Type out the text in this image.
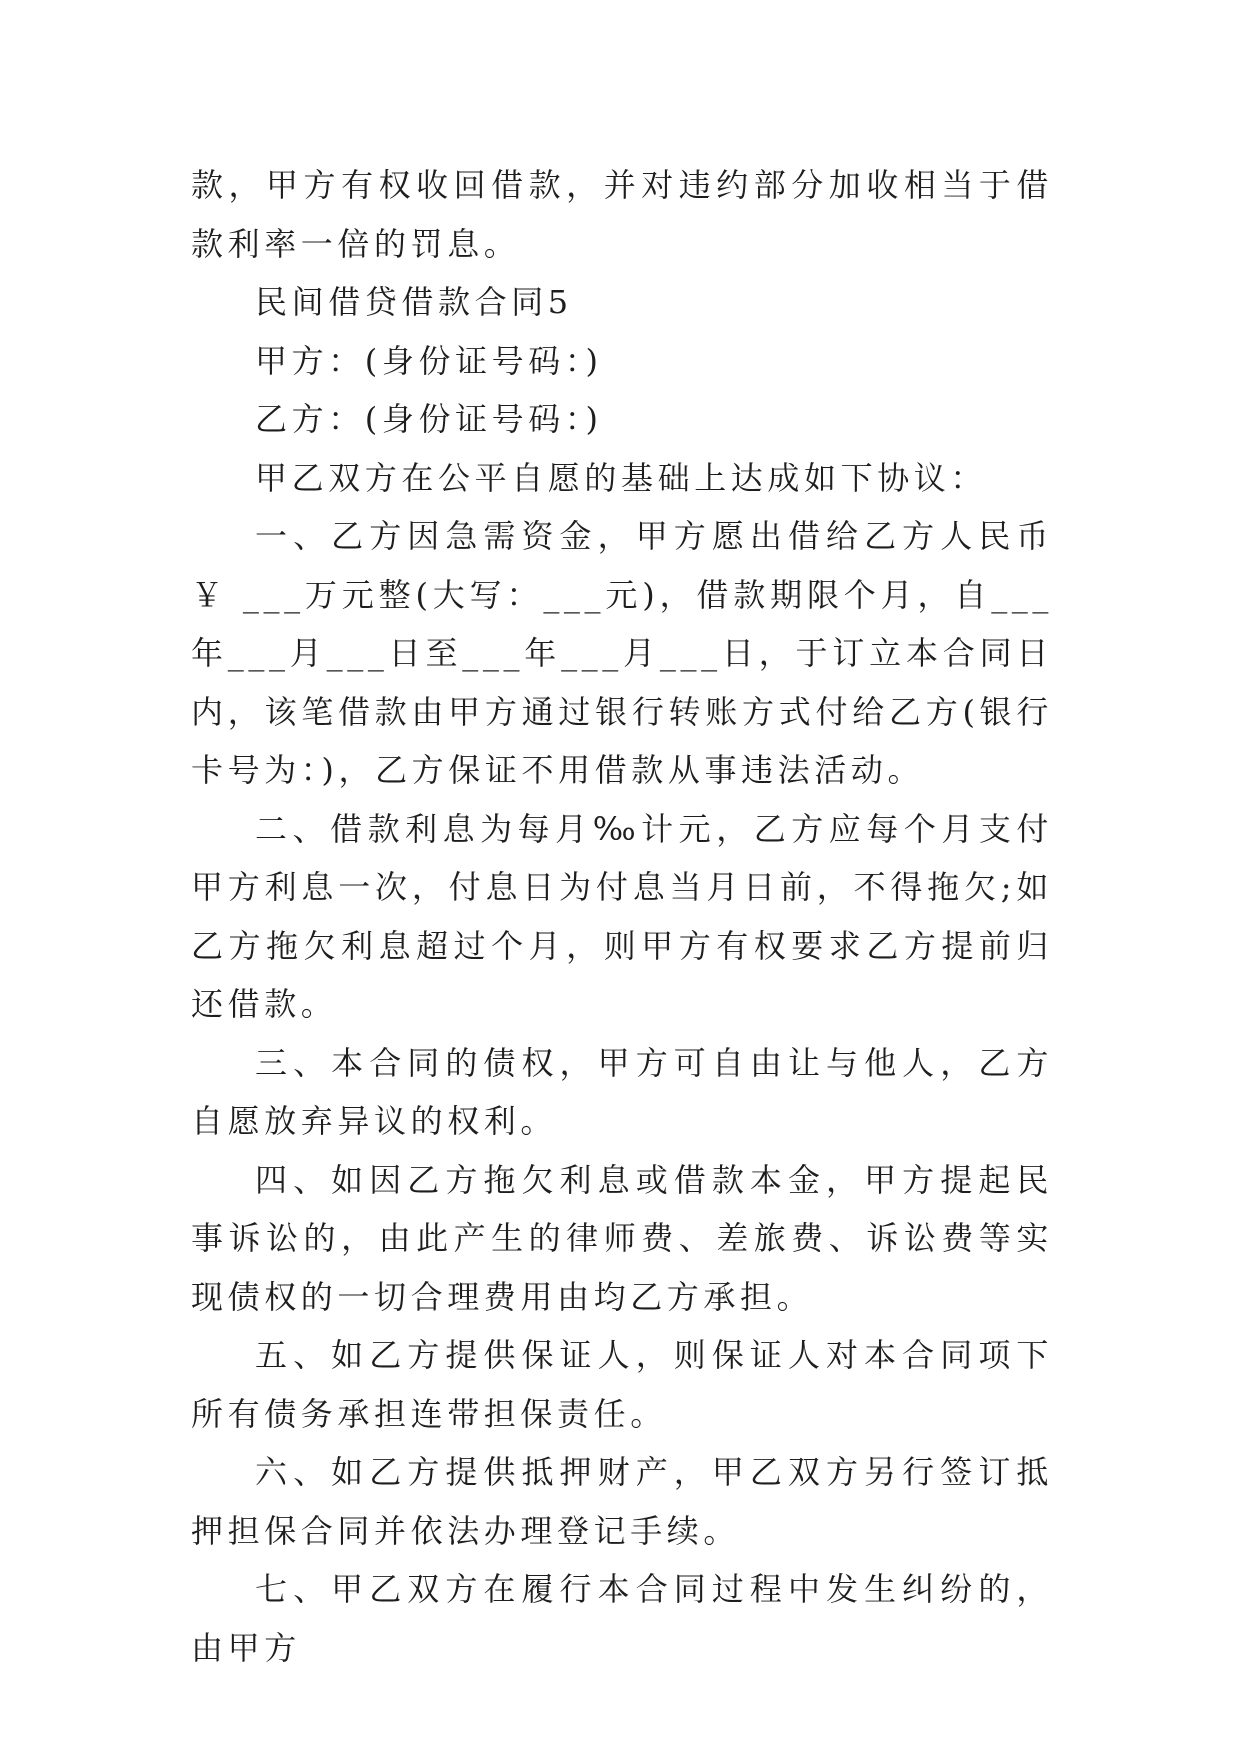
款，甲方有权收回借款，并对违约部分加收相当于借款利率一倍的罚息。

民间借贷借款合同5

甲方：(身份证号码：)

乙方：(身份证号码：)

甲乙双方在公平自愿的基础上达成如下协议：

一、乙方因急需资金，甲方愿出借给乙方人民币￥ ___万元整(大写：___元)，借款期限个月，自___年___月___日至___年___月___日，于订立本合同日内，该笔借款由甲方通过银行转账方式付给乙方(银行卡号为：)，乙方保证不用借款从事违法活动。

二、借款利息为每月‰计元，乙方应每个月支付甲方利息一次，付息日为付息当月日前，不得拖欠;如乙方拖欠利息超过个月，则甲方有权要求乙方提前归还借款。

三、本合同的债权，甲方可自由让与他人，乙方自愿放弃异议的权利。

四、如因乙方拖欠利息或借款本金，甲方提起民事诉讼的，由此产生的律师费、差旅费、诉讼费等实现债权的一切合理费用由均乙方承担。

五、如乙方提供保证人，则保证人对本合同项下所有债务承担连带担保责任。

六、如乙方提供抵押财产，甲乙双方另行签订抵押担保合同并依法办理登记手续。

七、甲乙双方在履行本合同过程中发生纠纷的，由甲方
